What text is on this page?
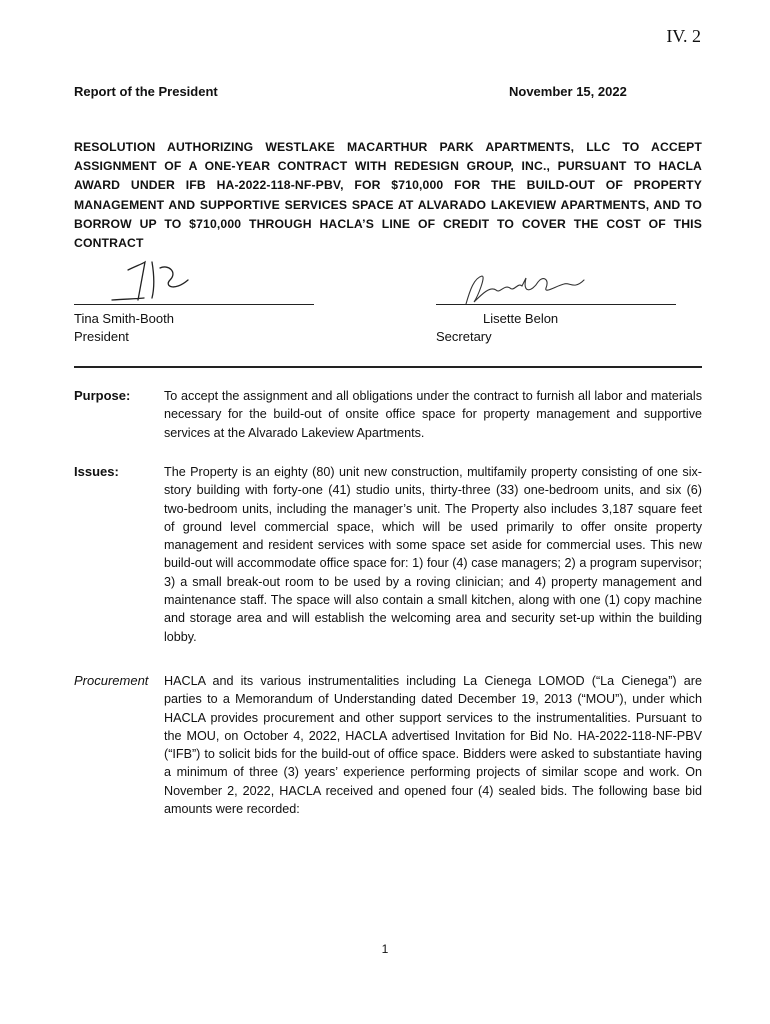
IV. 2
Report of the President	November 15, 2022
RESOLUTION AUTHORIZING WESTLAKE MACARTHUR PARK APARTMENTS, LLC TO ACCEPT ASSIGNMENT OF A ONE-YEAR CONTRACT WITH REDESIGN GROUP, INC., PURSUANT TO HACLA AWARD UNDER IFB HA-2022-118-NF-PBV, FOR $710,000 FOR THE BUILD-OUT OF PROPERTY MANAGEMENT AND SUPPORTIVE SERVICES SPACE AT ALVARADO LAKEVIEW APARTMENTS, AND TO BORROW UP TO $710,000 THROUGH HACLA’S LINE OF CREDIT TO COVER THE COST OF THIS CONTRACT
Tina Smith-Booth
President
Lisette Belon
Secretary
Purpose:	To accept the assignment and all obligations under the contract to furnish all labor and materials necessary for the build-out of onsite office space for property management and supportive services at the Alvarado Lakeview Apartments.
Issues:	The Property is an eighty (80) unit new construction, multifamily property consisting of one six-story building with forty-one (41) studio units, thirty-three (33) one-bedroom units, and six (6) two-bedroom units, including the manager’s unit. The Property also includes 3,187 square feet of ground level commercial space, which will be used primarily to offer onsite property management and resident services with some space set aside for commercial uses. This new build-out will accommodate office space for: 1) four (4) case managers; 2) a program supervisor; 3) a small break-out room to be used by a roving clinician; and 4) property management and maintenance staff. The space will also contain a small kitchen, along with one (1) copy machine and storage area and will establish the welcoming area and security set-up within the building lobby.
Procurement HACLA and its various instrumentalities including La Cienega LOMOD (“La Cienega”) are parties to a Memorandum of Understanding dated December 19, 2013 (“MOU”), under which HACLA provides procurement and other support services to the instrumentalities. Pursuant to the MOU, on October 4, 2022, HACLA advertised Invitation for Bid No. HA-2022-118-NF-PBV (“IFB”) to solicit bids for the build-out of office space. Bidders were asked to substantiate having a minimum of three (3) years’ experience performing projects of similar scope and work. On November 2, 2022, HACLA received and opened four (4) sealed bids. The following base bid amounts were recorded:
1
